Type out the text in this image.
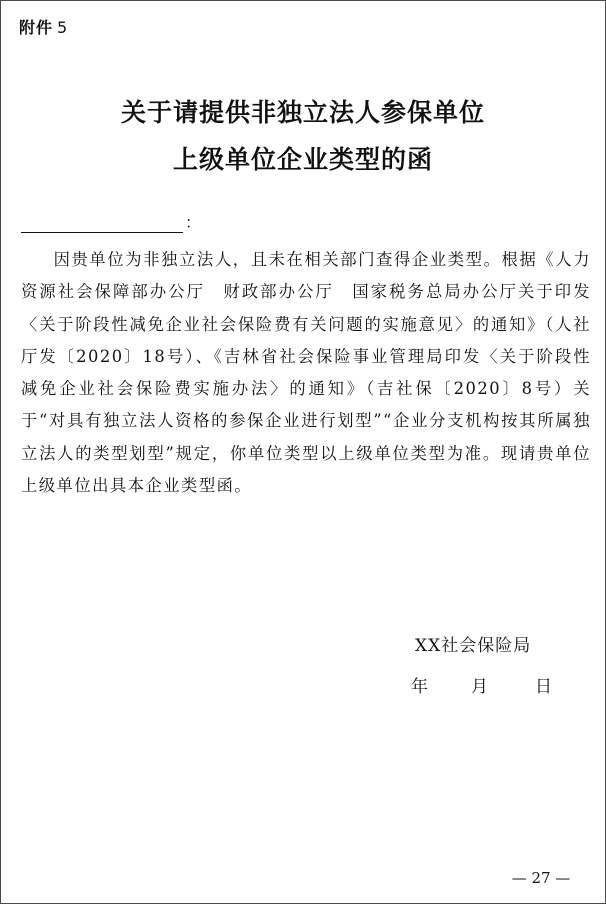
附件 5
关于请提供非独立法人参保单位
上级单位企业类型的函
：

因贵单位为非独立法人，且未在相关部门查得企业类型。根据《人力资源社会保障部办公厅　财政部办公厅　国家税务总局办公厅关于印发〈关于阶段性减免企业社会保险费有关问题的实施意见〉的通知》（人社厅发〔2020〕18号）、《吉林省社会保险事业管理局印发〈关于阶段性减免企业社会保险费实施办法〉的通知》（吉社保〔2020〕8号）关于“对具有独立法人资格的参保企业进行划型”“企业分支机构按其所属独立法人的类型划型”规定，你单位类型以上级单位类型为准。现请贵单位上级单位出具本企业类型函。

XX社会保险局
年	月	日
— 27 —
